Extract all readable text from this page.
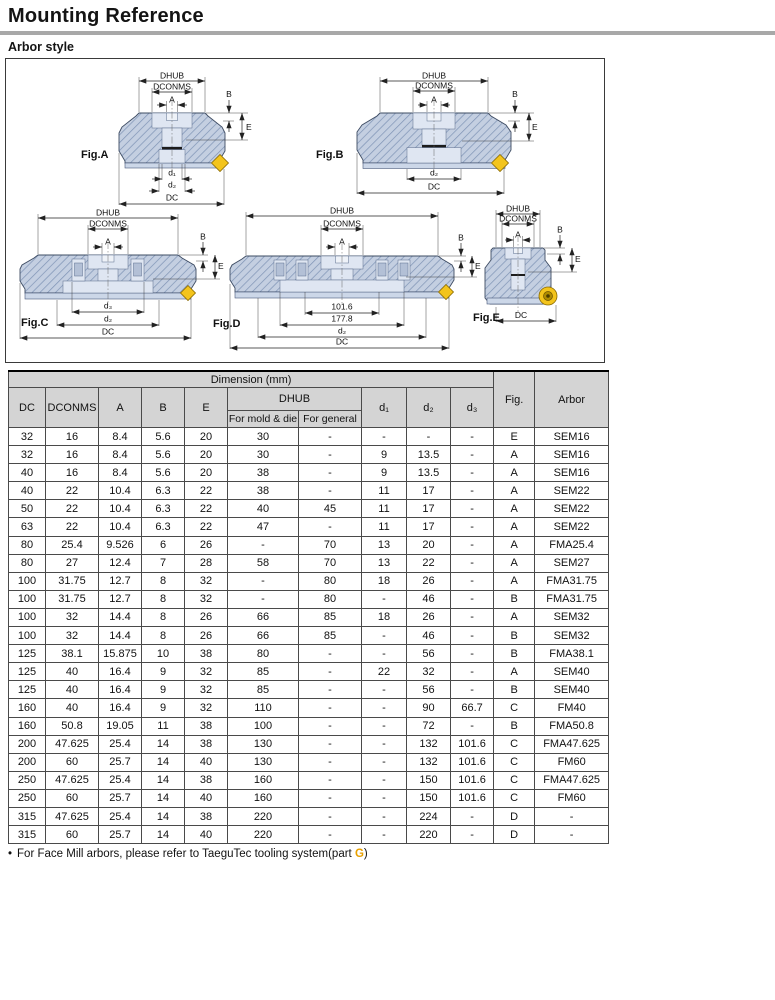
Mounting Reference
Arbor style
DHUB
DCONMS
A
B
E
d₁
d₂
DC
Fig.A
DHUB
DCONMS
A
B
E
d₂
DC
Fig.B
DHUB
DCONMS
A	B
E
d₃
d₂
DC
Fig.C
DHUB
DCONMS
A	B
E
101.6
177.8
d₂
DC
Fig.D
DHUB
DCONMS
A	B
E
DC
Fig.E
Dimension (mm)										Fig.	Arbor
DC	DCONMS	A	B	E	DHUB		d₁	d₂	d₃		
					For mold & die	For general					
32	16	8.4	5.6	20	30	-	-	-	-	E	SEM16
32	16	8.4	5.6	20	30	-	9	13.5	-	A	SEM16
40	16	8.4	5.6	20	38	-	9	13.5	-	A	SEM16
40	22	10.4	6.3	22	38	-	11	17	-	A	SEM22
50	22	10.4	6.3	22	40	45	11	17	-	A	SEM22
63	22	10.4	6.3	22	47	-	11	17	-	A	SEM22
80	25.4	9.526	6	26	-	70	13	20	-	A	FMA25.4
80	27	12.4	7	28	58	70	13	22	-	A	SEM27
100	31.75	12.7	8	32	-	80	18	26	-	A	FMA31.75
100	31.75	12.7	8	32	-	80	-	46	-	B	FMA31.75
100	32	14.4	8	26	66	85	18	26	-	A	SEM32
100	32	14.4	8	26	66	85	-	46	-	B	SEM32
125	38.1	15.875	10	38	80	-	-	56	-	B	FMA38.1
125	40	16.4	9	32	85	-	22	32	-	A	SEM40
125	40	16.4	9	32	85	-	-	56	-	B	SEM40
160	40	16.4	9	32	110	-	-	90	66.7	C	FM40
160	50.8	19.05	11	38	100	-	-	72	-	B	FMA50.8
200	47.625	25.4	14	38	130	-	-	132	101.6	C	FMA47.625
200	60	25.7	14	40	130	-	-	132	101.6	C	FM60
250	47.625	25.4	14	38	160	-	-	150	101.6	C	FMA47.625
250	60	25.7	14	40	160	-	-	150	101.6	C	FM60
315	47.625	25.4	14	38	220	-	-	224	-	D	-
315	60	25.7	14	40	220	-	-	220	-	D	-
• For Face Mill arbors, please refer to TaeguTec tooling system(part G)
